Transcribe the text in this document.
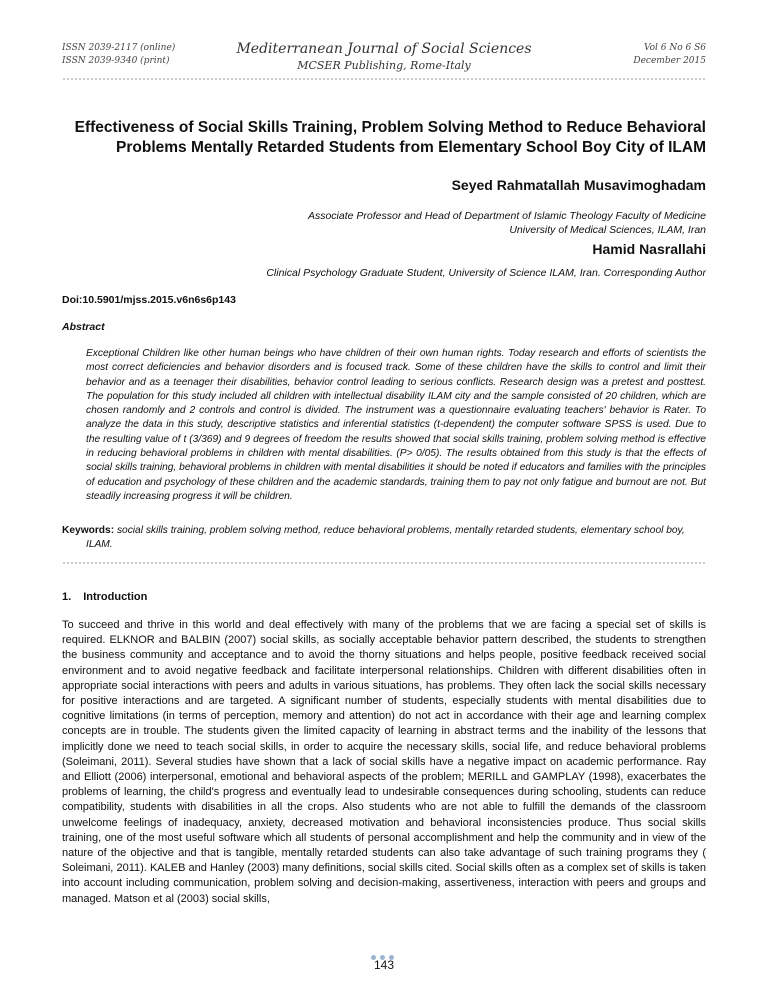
ISSN 2039-2117 (online)
ISSN 2039-9340 (print)
Mediterranean Journal of Social Sciences
MCSER Publishing, Rome-Italy
Vol 6 No 6 S6
December 2015
Effectiveness of Social Skills Training, Problem Solving Method to Reduce Behavioral Problems Mentally Retarded Students from Elementary School Boy City of ILAM
Seyed Rahmatallah Musavimoghadam
Associate Professor and Head of Department of Islamic Theology Faculty of Medicine
University of Medical Sciences, ILAM, Iran
Hamid Nasrallahi
Clinical Psychology Graduate Student, University of Science ILAM, Iran. Corresponding Author
Doi:10.5901/mjss.2015.v6n6s6p143
Abstract

Exceptional Children like other human beings who have children of their own human rights. Today research and efforts of scientists the most correct deficiencies and behavior disorders and is focused track. Some of these children have the skills to control and limit their behavior and as a teenager their disabilities, behavior control leading to serious conflicts. Research design was a pretest and posttest. The population for this study included all children with intellectual disability ILAM city and the sample consisted of 20 children, which are chosen randomly and 2 controls and control is divided. The instrument was a questionnaire evaluating teachers' behavior is Rater. To analyze the data in this study, descriptive statistics and inferential statistics (t-dependent) the computer software SPSS is used. Due to the resulting value of t (3/369) and 9 degrees of freedom the results showed that social skills training, problem solving method is effective in reducing behavioral problems in children with mental disabilities. (P> 0/05). The results obtained from this study is that the effects of social skills training, behavioral problems in children with mental disabilities it should be noted if educators and families with the principles of education and psychology of these children and the academic standards, training them to pay not only fatigue and burnout are not. But steadily increasing progress it will be children.

Keywords: social skills training, problem solving method, reduce behavioral problems, mentally retarded students, elementary school boy, ILAM.

1. Introduction

To succeed and thrive in this world and deal effectively with many of the problems that we are facing a special set of skills is required. ELKNOR and BALBIN (2007) social skills, as socially acceptable behavior pattern described, the students to strengthen the business community and acceptance and to avoid the thorny situations and helps people, positive feedback received social environment and to avoid negative feedback and facilitate interpersonal relationships. Children with different disabilities often in appropriate social interactions with peers and adults in various situations, has problems. They often lack the social skills necessary for positive interactions and are targeted. A significant number of students, especially students with mental disabilities due to cognitive limitations (in terms of perception, memory and attention) do not act in accordance with their age and learning complex concepts are in trouble. The students given the limited capacity of learning in abstract terms and the inability of the lessons that implicitly done we need to teach social skills, in order to acquire the necessary skills, social life, and reduce behavioral problems (Soleimani, 2011). Several studies have shown that a lack of social skills have a negative impact on academic performance. Ray and Elliott (2006) interpersonal, emotional and behavioral aspects of the problem; MERILL and GAMPLAY (1998), exacerbates the problems of learning, the child's progress and eventually lead to undesirable consequences during schooling, students can reduce compatibility, students with disabilities in all the crops. Also students who are not able to fulfill the demands of the classroom unwelcome feelings of inadequacy, anxiety, decreased motivation and behavioral inconsistencies produce. Thus social skills training, one of the most useful software which all students of personal accomplishment and help the community and in view of the nature of the objective and that is tangible, mentally retarded students can also take advantage of such training programs they ( Soleimani, 2011). KALEB and Hanley (2003) many definitions, social skills cited. Social skills often as a complex set of skills is taken into account including communication, problem solving and decision-making, assertiveness, interaction with peers and groups and managed. Matson et al (2003) social skills,

143
